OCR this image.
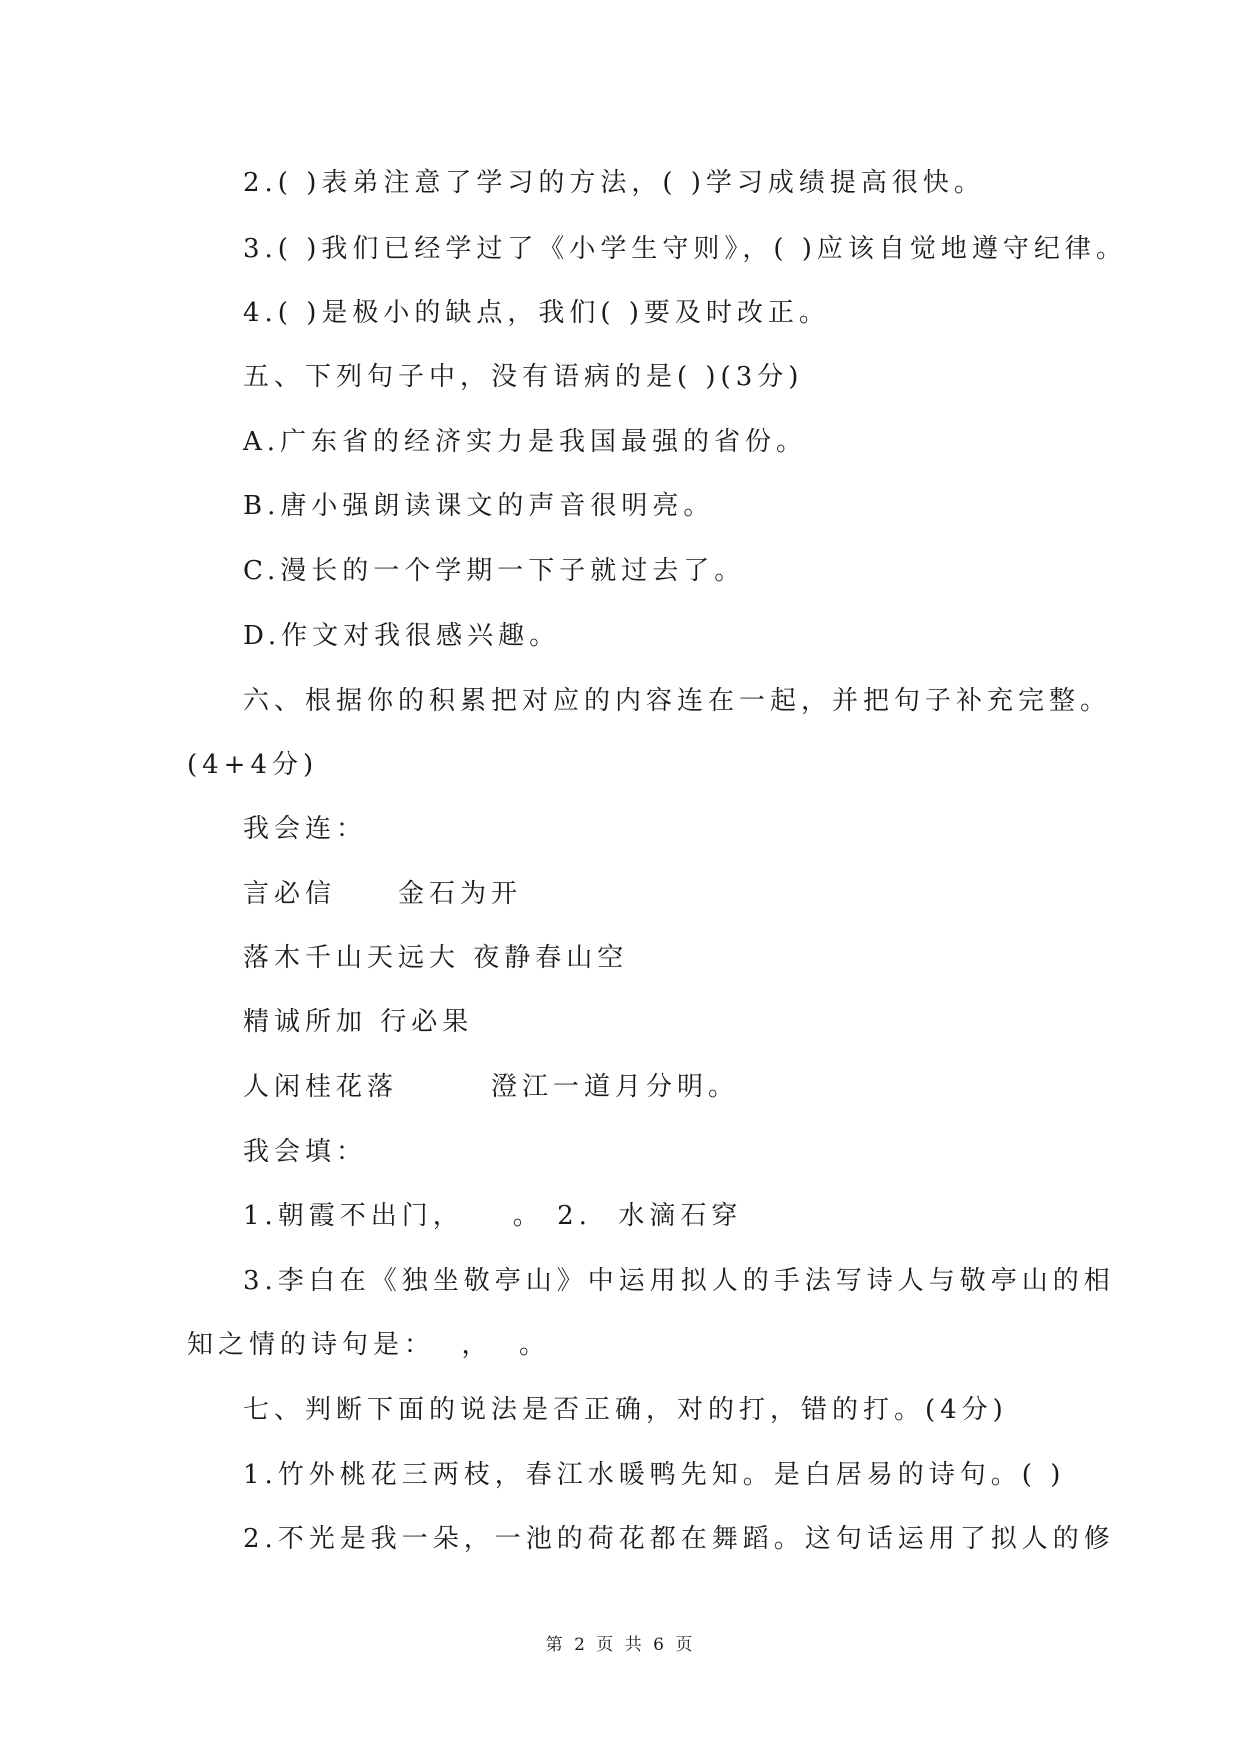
2.( )表弟注意了学习的方法，( )学习成绩提高很快。
3.( )我们已经学过了《小学生守则》，( )应该自觉地遵守纪律。
4.( )是极小的缺点，我们( )要及时改正。
五、下列句子中，没有语病的是( )(3分)
A.广东省的经济实力是我国最强的省份。
B.唐小强朗读课文的声音很明亮。
C.漫长的一个学期一下子就过去了。
D.作文对我很感兴趣。
六、根据你的积累把对应的内容连在一起，并把句子补充完整。
(4+4分)
我会连：
言必信　　金石为开
落木千山天远大 夜静春山空
精诚所加 行必果
人闲桂花落　　　澄江一道月分明。
我会填：
1.朝霞不出门，　　。 2.  水滴石穿
3.李白在《独坐敬亭山》中运用拟人的手法写诗人与敬亭山的相
知之情的诗句是：  ，  。
七、判断下面的说法是否正确，对的打，错的打。(4分)
1.竹外桃花三两枝，春江水暖鸭先知。是白居易的诗句。( )
2.不光是我一朵，一池的荷花都在舞蹈。这句话运用了拟人的修
第 2 页 共 6 页
